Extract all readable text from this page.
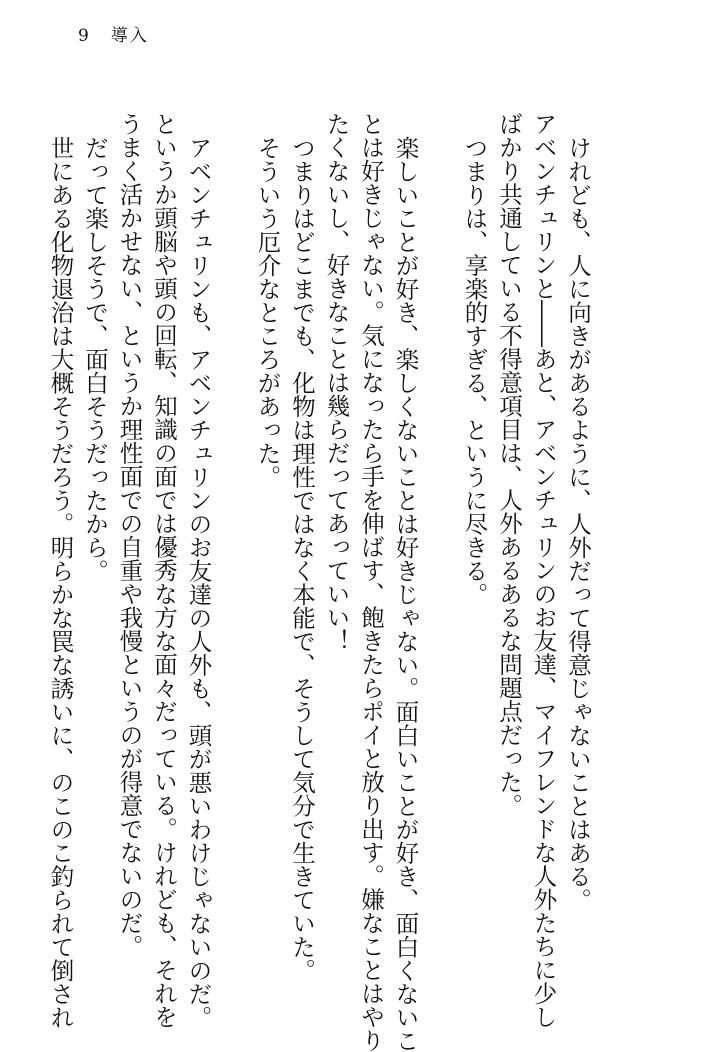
9 導入
けれども、人に向きがあるように、人外だって得意じゃないことはある。
アベンチュリンと――あと、アベンチュリンのお友達、マイフレンドな人外たちに少し
ばかり共通している不得意項目は、人外あるあるな問題点だった。
つまりは、享楽的すぎる、というに尽きる。
楽しいことが好き、楽しくないことは好きじゃない。面白いことが好き、面白くないこ
とは好きじゃない。気になったら手を伸ばす、飽きたらポイと放り出す。嫌なことはやり
たくないし、好きなことは幾らだってあっていい！
つまりはどこまでも、化物は理性ではなく本能で、そうして気分で生きていた。
そういう厄介なところがあった。
アベンチュリンも、アベンチュリンのお友達の人外も、頭が悪いわけじゃないのだ。
というか頭脳や頭の回転、知識の面では優秀な方な面々だっている。けれども、それを
うまく活かせない、というか理性面での自重や我慢というのが得意でないのだ。
だって楽しそうで、面白そうだったから。
世にある化物退治は大概そうだろう。明らかな罠な誘いに、のこのこ釣られて倒され
